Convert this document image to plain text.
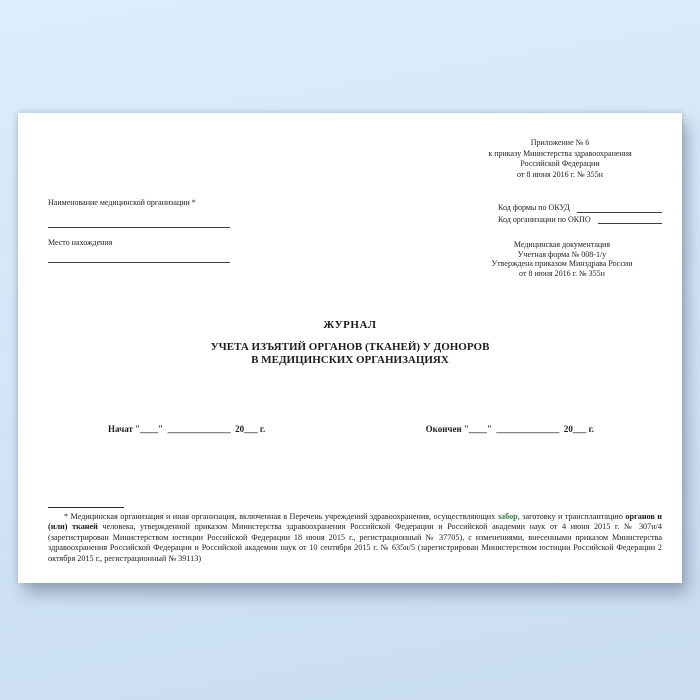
Приложение № 6
к приказу Министерства здравоохранения
Российской Федерации
от 8 июня 2016 г. № 355н
Наименование медицинской организации *
Место нахождения
Код формы по ОКУД
Код организации по ОКПО
Медицинская документация
Учетная форма № 008-1/у
Утверждена приказом Минздрава России
от 8 июня 2016 г. № 355н
ЖУРНАЛ
УЧЕТА ИЗЪЯТИЙ ОРГАНОВ (ТКАНЕЙ) У ДОНОРОВ
В МЕДИЦИНСКИХ ОРГАНИЗАЦИЯХ
Начат "____"  ______________  20___ г.	Окончен "____"  ______________  20___ г.
* Медицинская организация и иная организация, включенная в Перечень учреждений здравоохранения, осуществляющих забор, заготовку и трансплантацию органов и (или) тканей человека, утвержденной приказом Министерства здравоохранения Российской Федерации и Российской академии наук от 4 июня 2015 г. № 307н/4 (зарегистрирован Министерством юстиции Российской Федерации 18 июня 2015 г., регистрационный № 37705), с изменениями, внесенными приказом Министерства здравоохранения Российской Федерации и Российской академии наук от 10 сентября 2015 г. № 635н/5 (зарегистрирован Министерством юстиции Российской Федерации 2 октября 2015 г., регистрационный № 39113)
